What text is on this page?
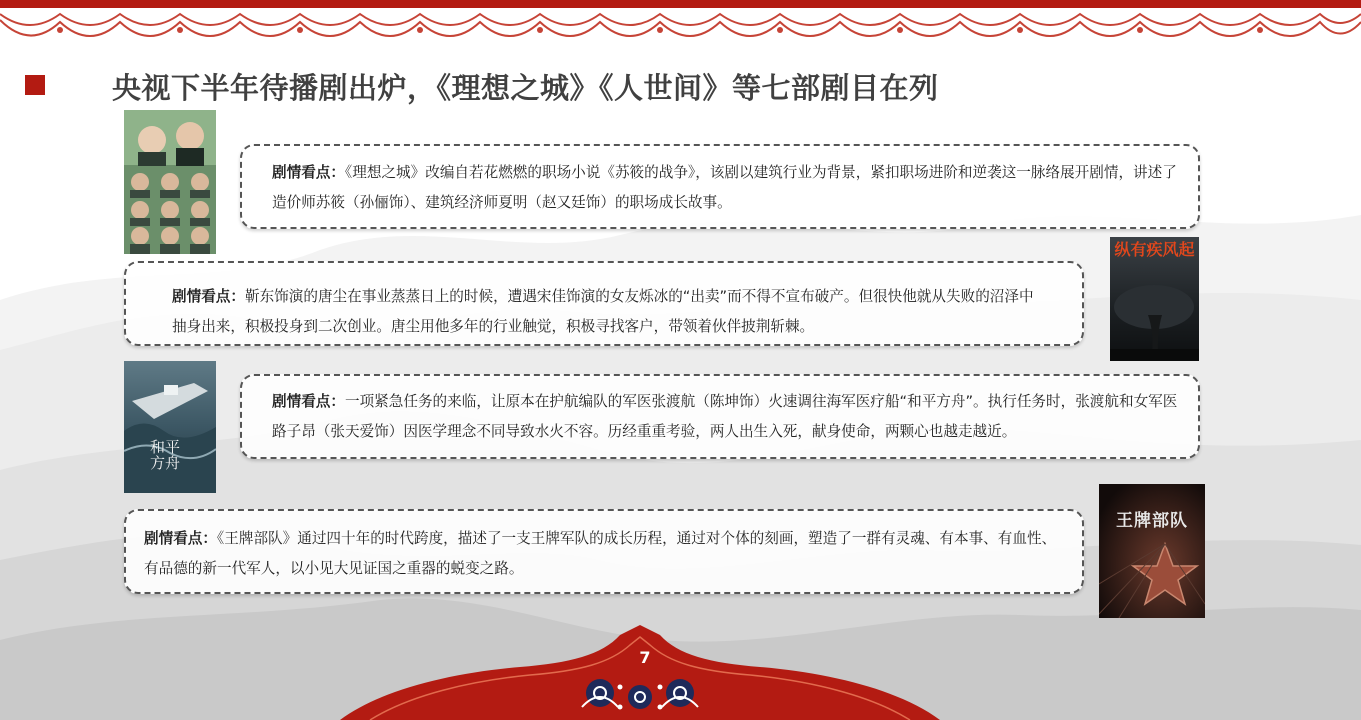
央视下半年待播剧出炉，《理想之城》《人世间》等七部剧目在列

剧情看点：《理想之城》改编自若花燃燃的职场小说《苏筱的战争》，该剧以建筑行业为背景，紧扣职场进阶和逆袭这一脉络展开剧情，讲述了造价师苏筱（孙俪饰）、建筑经济师夏明（赵又廷饰）的职场成长故事。

纵有疾风起

剧情看点：靳东饰演的唐尘在事业蒸蒸日上的时候，遭遇宋佳饰演的女友烁冰的“出卖”而不得不宣布破产。但很快他就从失败的沼泽中抽身出来，积极投身到二次创业。唐尘用他多年的行业触觉，积极寻找客户，带领着伙伴披荆斩棘。

和平方舟

剧情看点：一项紧急任务的来临，让原本在护航编队的军医张渡航（陈坤饰）火速调往海军医疗船“和平方舟”。执行任务时，张渡航和女军医路子昂（张天爱饰）因医学理念不同导致水火不容。历经重重考验，两人出生入死，献身使命，两颗心也越走越近。

王牌部队

剧情看点：《王牌部队》通过四十年的时代跨度，描述了一支王牌军队的成长历程，通过对个体的刻画，塑造了一群有灵魂、有本事、有血性、有品德的新一代军人，以小见大见证国之重器的蜕变之路。

7
